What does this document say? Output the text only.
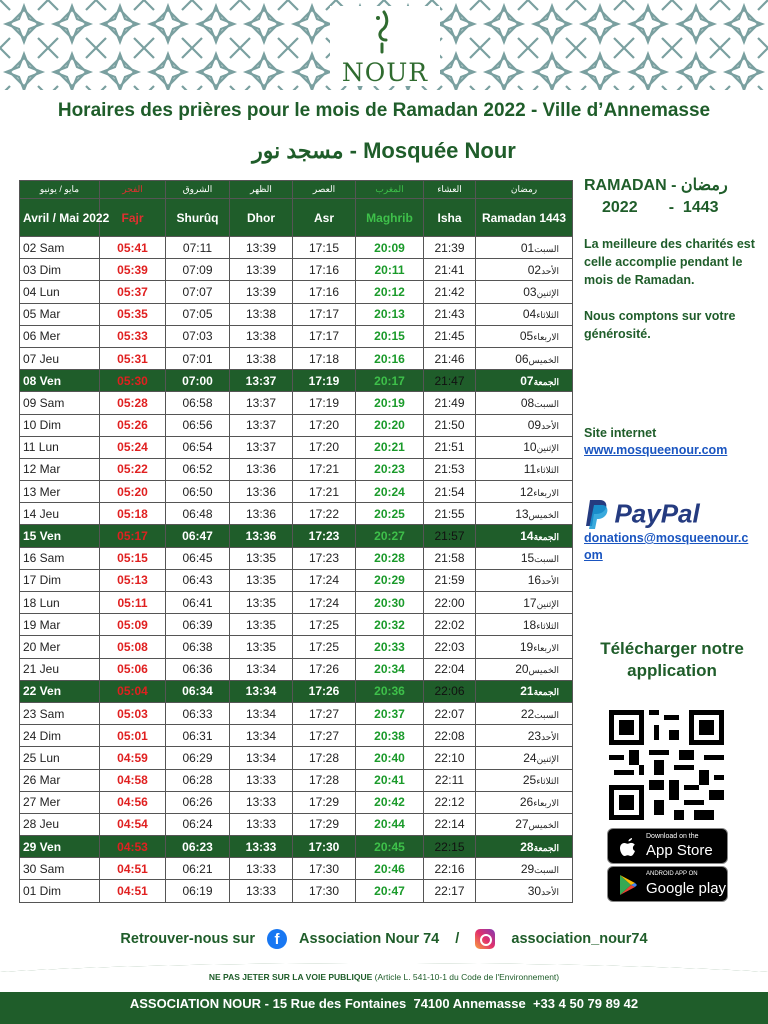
NOUR
Horaires des prières pour le mois de Ramadan 2022 - Ville d’Annemasse
مسجد نور - Mosquée Nour
مايو / يونيو	الفجر	الشروق	الظهر	العصر	المغرب	العشاء	رمضان
Avril / Mai 2022	Fajr	Shurûq	Dhor	Asr	Maghrib	Isha	Ramadan 1443
02 Sam	05:41	07:11	13:39	17:15	20:09	21:39	السبت01
03 Dim	05:39	07:09	13:39	17:16	20:11	21:41	الأحد02
04 Lun	05:37	07:07	13:39	17:16	20:12	21:42	الإثنين03
05 Mar	05:35	07:05	13:38	17:17	20:13	21:43	الثلاثاء04
06 Mer	05:33	07:03	13:38	17:17	20:15	21:45	الاربعاء05
07 Jeu	05:31	07:01	13:38	17:18	20:16	21:46	الخميس06
08 Ven	05:30	07:00	13:37	17:19	20:17	21:47	الجمعة07
09 Sam	05:28	06:58	13:37	17:19	20:19	21:49	السبت08
10 Dim	05:26	06:56	13:37	17:20	20:20	21:50	الأحد09
11 Lun	05:24	06:54	13:37	17:20	20:21	21:51	الإثنين10
12 Mar	05:22	06:52	13:36	17:21	20:23	21:53	الثلاثاء11
13 Mer	05:20	06:50	13:36	17:21	20:24	21:54	الاربعاء12
14 Jeu	05:18	06:48	13:36	17:22	20:25	21:55	الخميس13
15 Ven	05:17	06:47	13:36	17:23	20:27	21:57	الجمعة14
16 Sam	05:15	06:45	13:35	17:23	20:28	21:58	السبت15
17 Dim	05:13	06:43	13:35	17:24	20:29	21:59	الأحد16
18 Lun	05:11	06:41	13:35	17:24	20:30	22:00	الإثنين17
19 Mar	05:09	06:39	13:35	17:25	20:32	22:02	الثلاثاء18
20 Mer	05:08	06:38	13:35	17:25	20:33	22:03	الاربعاء19
21 Jeu	05:06	06:36	13:34	17:26	20:34	22:04	الخميس20
22 Ven	05:04	06:34	13:34	17:26	20:36	22:06	الجمعة21
23 Sam	05:03	06:33	13:34	17:27	20:37	22:07	السبت22
24 Dim	05:01	06:31	13:34	17:27	20:38	22:08	الأحد23
25 Lun	04:59	06:29	13:34	17:28	20:40	22:10	الإثنين24
26 Mar	04:58	06:28	13:33	17:28	20:41	22:11	الثلاثاء25
27 Mer	04:56	06:26	13:33	17:29	20:42	22:12	الاربعاء26
28 Jeu	04:54	06:24	13:33	17:29	20:44	22:14	الخميس27
29 Ven	04:53	06:23	13:33	17:30	20:45	22:15	الجمعة28
30 Sam	04:51	06:21	13:33	17:30	20:46	22:16	السبت29
01 Dim	04:51	06:19	13:33	17:30	20:47	22:17	الأحد30
RAMADAN - رمضان
2022       -  1443

La meilleure des charités est celle accomplie pendant le mois de Ramadan.

Nous comptons sur votre générosité.

Site internet
www.mosqueenour.com
PayPal
donations@mosqueenour.com
Télécharger notre application
Download on the
App Store
ANDROID APP ON
Google play
Retrouver-nous sur f Association Nour 74 /	association_nour74
NE PAS JETER SUR LA VOIE PUBLIQUE (Article L. 541-10-1 du Code de l'Environnement)
ASSOCIATION NOUR - 15 Rue des Fontaines  74100 Annemasse  +33 4 50 79 89 42
